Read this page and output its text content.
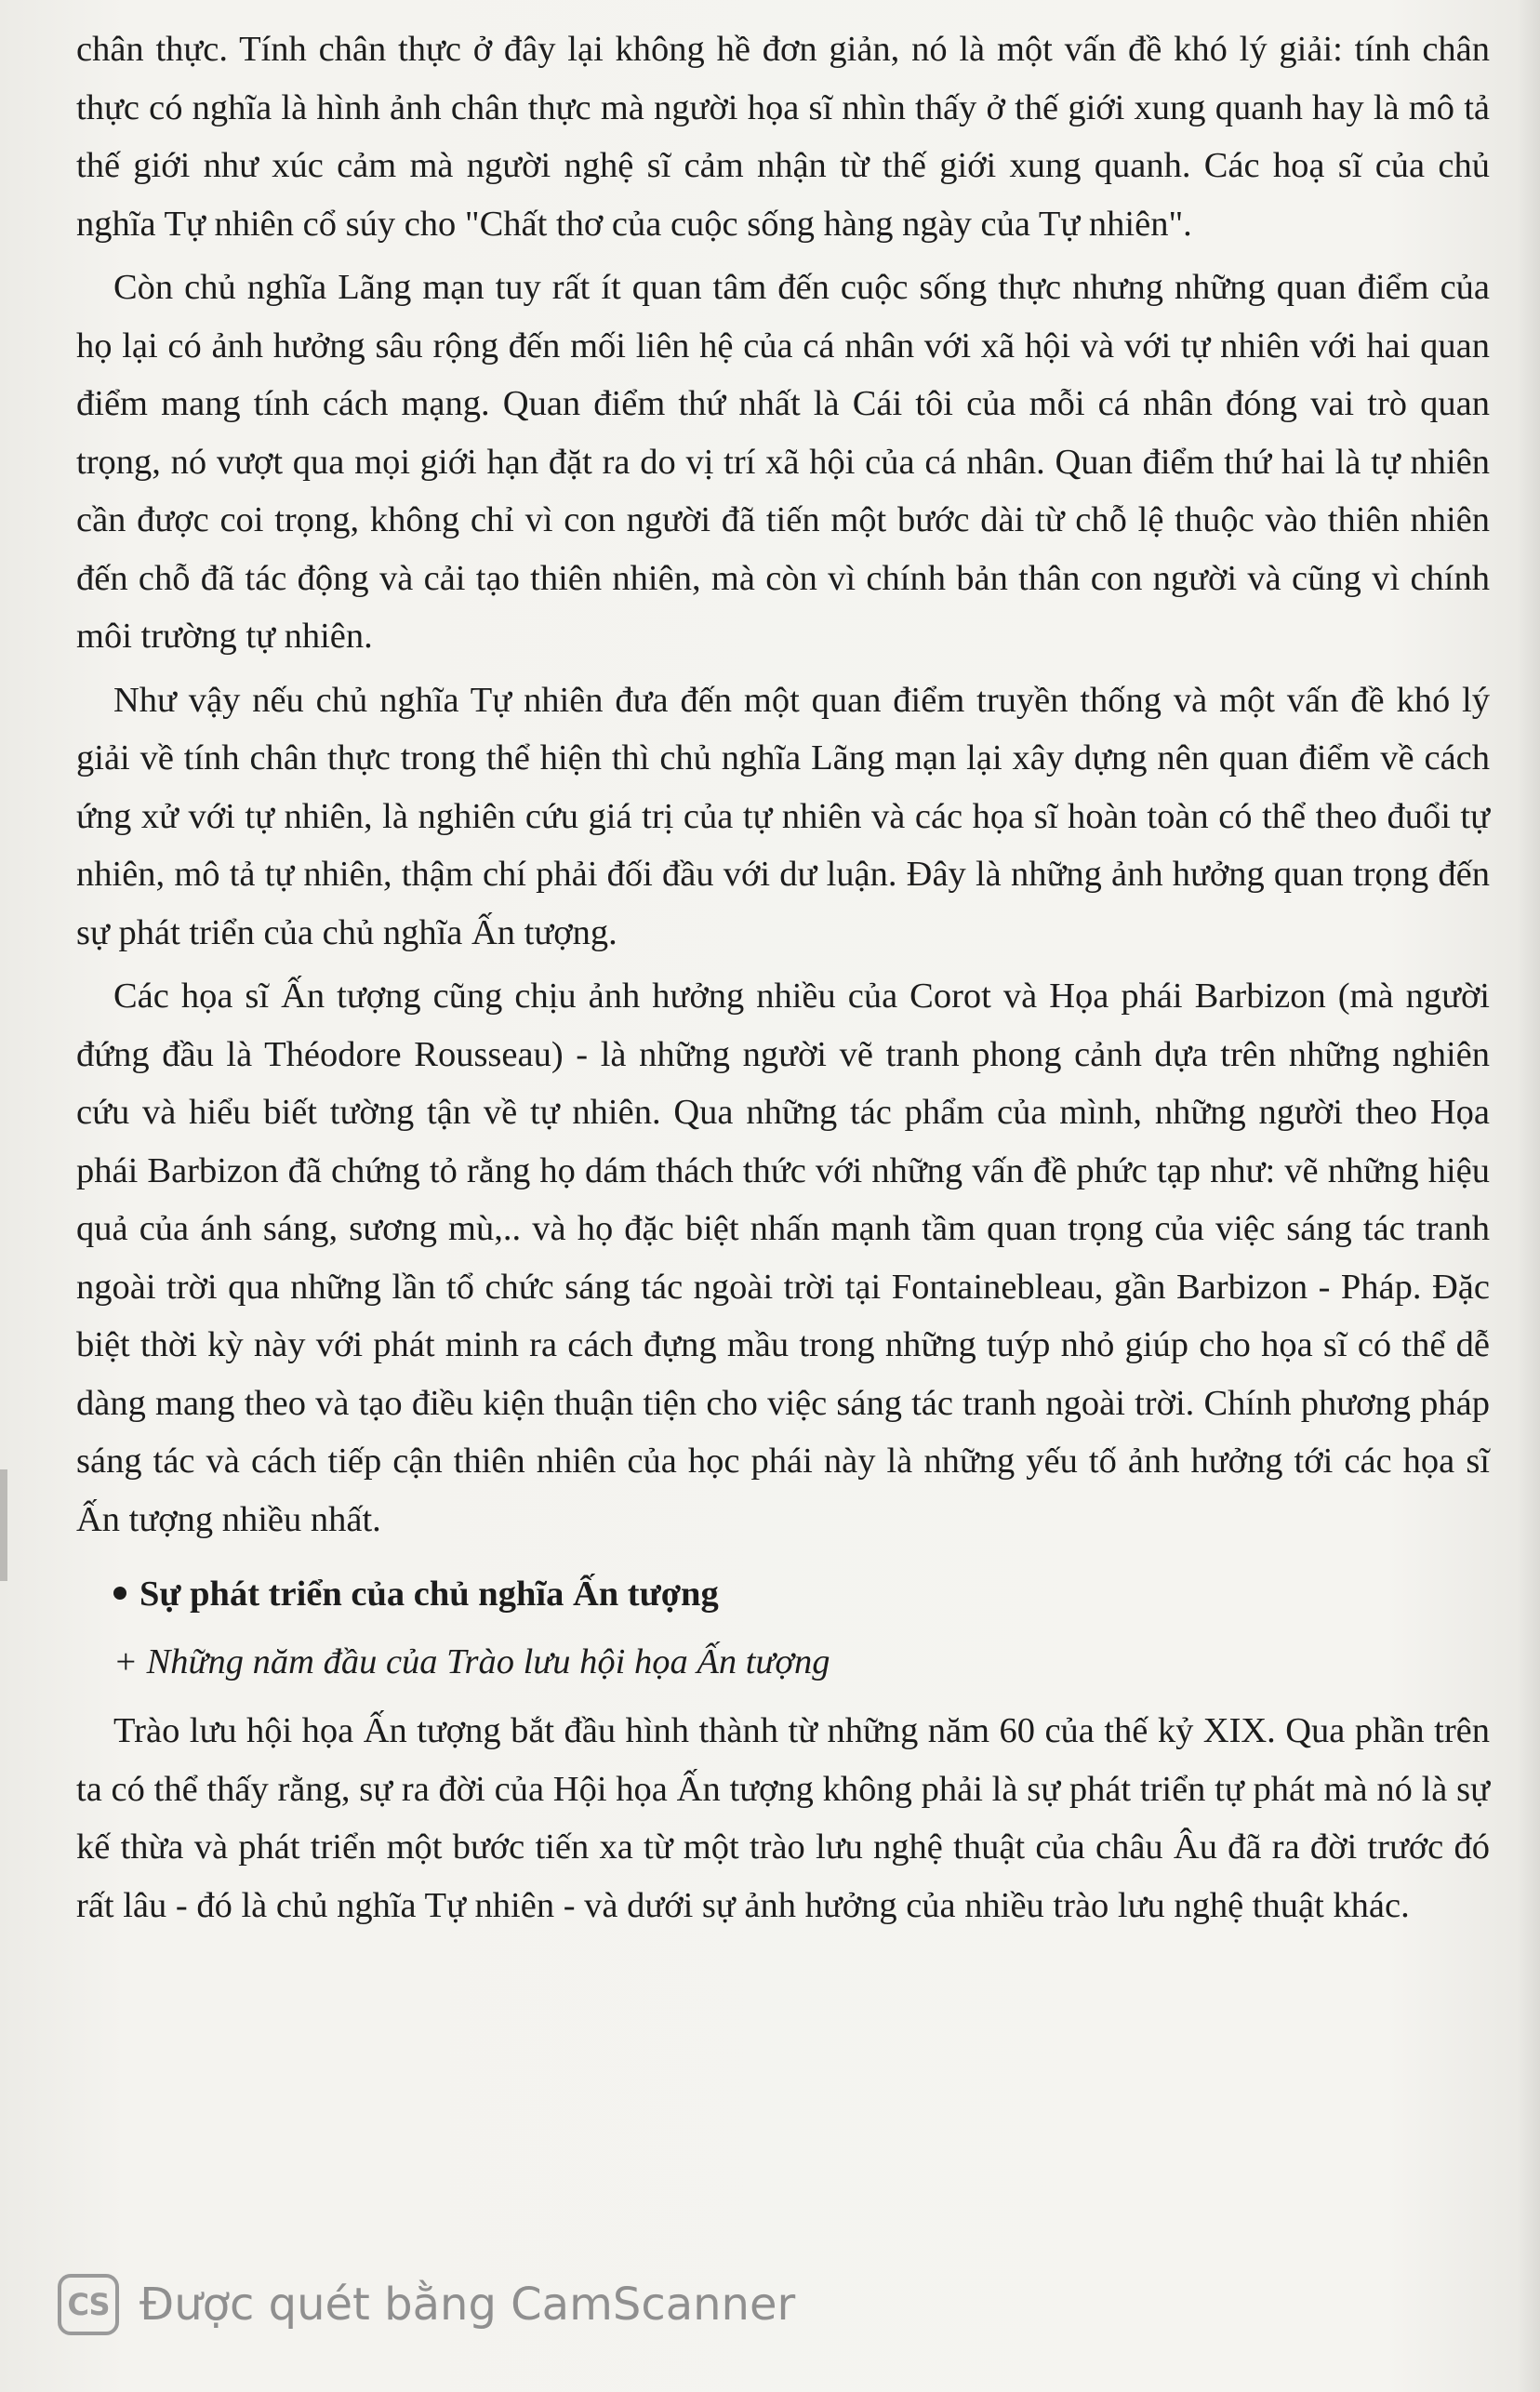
chân thực. Tính chân thực ở đây lại không hề đơn giản, nó là một vấn đề khó lý giải: tính chân thực có nghĩa là hình ảnh chân thực mà người họa sĩ nhìn thấy ở thế giới xung quanh hay là mô tả thế giới như xúc cảm mà người nghệ sĩ cảm nhận từ thế giới xung quanh. Các hoạ sĩ của chủ nghĩa Tự nhiên cổ súy cho "Chất thơ của cuộc sống hàng ngày của Tự nhiên".

Còn chủ nghĩa Lãng mạn tuy rất ít quan tâm đến cuộc sống thực nhưng những quan điểm của họ lại có ảnh hưởng sâu rộng đến mối liên hệ của cá nhân với xã hội và với tự nhiên với hai quan điểm mang tính cách mạng. Quan điểm thứ nhất là Cái tôi của mỗi cá nhân đóng vai trò quan trọng, nó vượt qua mọi giới hạn đặt ra do vị trí xã hội của cá nhân. Quan điểm thứ hai là tự nhiên cần được coi trọng, không chỉ vì con người đã tiến một bước dài từ chỗ lệ thuộc vào thiên nhiên đến chỗ đã tác động và cải tạo thiên nhiên, mà còn vì chính bản thân con người và cũng vì chính môi trường tự nhiên.

Như vậy nếu chủ nghĩa Tự nhiên đưa đến một quan điểm truyền thống và một vấn đề khó lý giải về tính chân thực trong thể hiện thì chủ nghĩa Lãng mạn lại xây dựng nên quan điểm về cách ứng xử với tự nhiên, là nghiên cứu giá trị của tự nhiên và các họa sĩ hoàn toàn có thể theo đuổi tự nhiên, mô tả tự nhiên, thậm chí phải đối đầu với dư luận. Đây là những ảnh hưởng quan trọng đến sự phát triển của chủ nghĩa Ấn tượng.

Các họa sĩ Ấn tượng cũng chịu ảnh hưởng nhiều của Corot và Họa phái Barbizon (mà người đứng đầu là Théodore Rousseau) - là những người vẽ tranh phong cảnh dựa trên những nghiên cứu và hiểu biết tường tận về tự nhiên. Qua những tác phẩm của mình, những người theo Họa phái Barbizon đã chứng tỏ rằng họ dám thách thức với những vấn đề phức tạp như: vẽ những hiệu quả của ánh sáng, sương mù,.. và họ đặc biệt nhấn mạnh tầm quan trọng của việc sáng tác tranh ngoài trời qua những lần tổ chức sáng tác ngoài trời tại Fontainebleau, gần Barbizon - Pháp. Đặc biệt thời kỳ này với phát minh ra cách đựng mầu trong những tuýp nhỏ giúp cho họa sĩ có thể dễ dàng mang theo và tạo điều kiện thuận tiện cho việc sáng tác tranh ngoài trời. Chính phương pháp sáng tác và cách tiếp cận thiên nhiên của học phái này là những yếu tố ảnh hưởng tới các họa sĩ Ấn tượng nhiều nhất.

Sự phát triển của chủ nghĩa Ấn tượng

+ Những năm đầu của Trào lưu hội họa Ấn tượng

Trào lưu hội họa Ấn tượng bắt đầu hình thành từ những năm 60 của thế kỷ XIX. Qua phần trên ta có thể thấy rằng, sự ra đời của Hội họa Ấn tượng không phải là sự phát triển tự phát mà nó là sự kế thừa và phát triển một bước tiến xa từ một trào lưu nghệ thuật của châu Âu đã ra đời trước đó rất lâu - đó là chủ nghĩa Tự nhiên - và dưới sự ảnh hưởng của nhiều trào lưu nghệ thuật khác.

CS Được quét bằng CamScanner
